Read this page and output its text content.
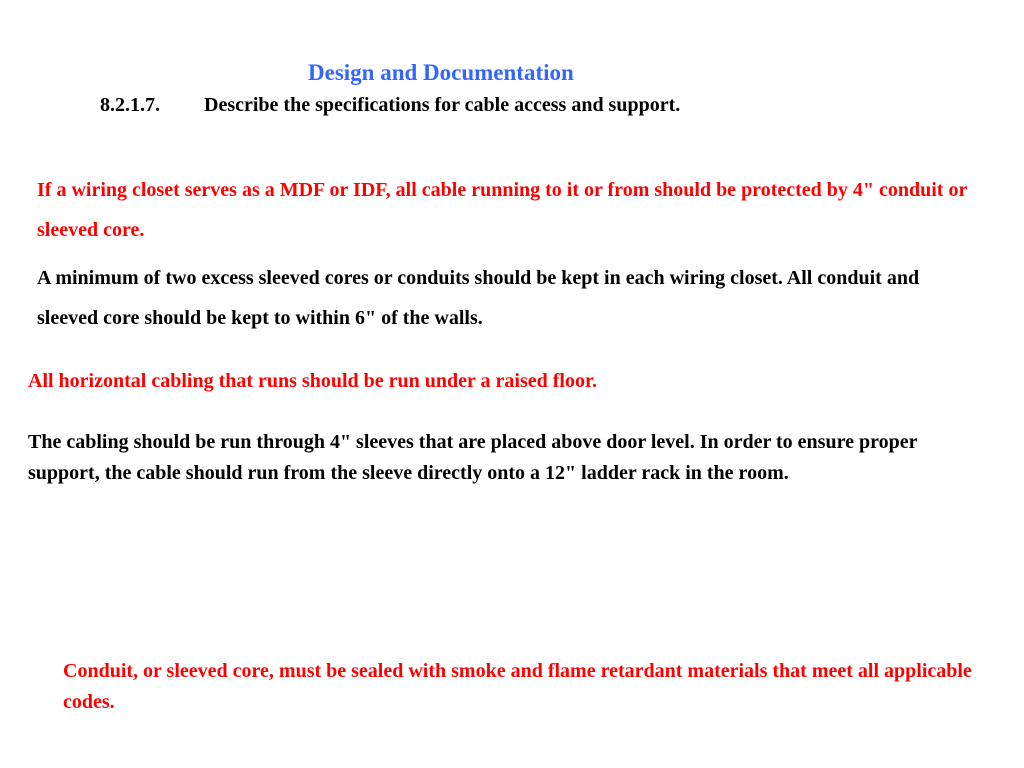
Design and Documentation
8.2.1.7. Describe the specifications for cable access and support.

If a wiring closet serves as a MDF or IDF, all cable running to it or from should be protected by 4" conduit or sleeved core.

A minimum of two excess sleeved cores or conduits should be kept in each wiring closet. All conduit and sleeved core should be kept to within 6" of the walls.

All horizontal cabling that runs should be run under a raised floor.

The cabling should be run through 4" sleeves that are placed above door level. In order to ensure proper support, the cable should run from the sleeve directly onto a 12" ladder rack in the room.

Conduit, or sleeved core, must be sealed with smoke and flame retardant materials that meet all applicable codes.
